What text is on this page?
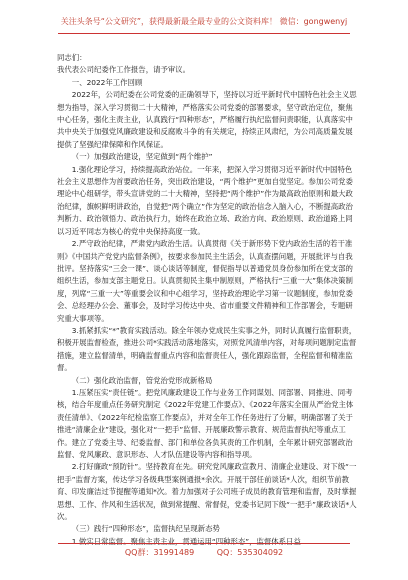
关注头条号“公文研究”，获得最新最全最专业的公文资料库！ 微信：gongwenyj

同志们：

我代表公司纪委作工作报告，请予审议。

一、2022年工作回顾

2022年，公司纪委在公司党委的正确领导下，坚持以习近平新时代中国特色社会主义思想为指导，深入学习贯彻二十大精神，严格落实公司党委的部署要求，坚守政治定位，聚焦中心任务，强化主责主业，认真践行“四种形态”，严格履行执纪监督问责职能，认真落实中共中央关于加强党风廉政建设和反腐败斗争的有关规定，持续正风肃纪，为公司高质量发展提供了坚强纪律保障和作风保证。

（一）加强政治建设，坚定做到“两个维护”

1.强化理论学习，持续提高政治站位。一年来，把深入学习贯彻习近平新时代中国特色社会主义思想作为首要政治任务，突出政治建设，“两个维护”更加自觉坚定。参加公司党委理论中心组研学，带头宣讲党的二十大精神，坚持把“两个维护”作为最高政治原则和最大政治纪律，旗帜鲜明讲政治，自觉把“两个确立”作为坚定的政治信念入脑入心，不断提高政治判断力、政治领悟力、政治执行力，始终在政治立场、政治方向、政治原则、政治道路上同以习近平同志为核心的党中央保持高度一致。

2.严守政治纪律，严肃党内政治生活。认真贯彻《关于新形势下党内政治生活的若干准则》《中国共产党党内监督条例》，按要求参加民主生活会，认真查摆问题，开展批评与自我批评。坚持落实“三会一课”、谈心谈话等制度，督促指导以普通党员身份参加所在党支部的组织生活，参加支部主题党日。认真贯彻民主集中制原则，严格执行“三重一大”集体决策制度，列席“三重一大”等重要会议和中心组学习，坚持政治理论学习第一议题制度，参加党委会、总经理办公会、董事会，及时学习传达中央、省市重要文件精神和工作部署会，专题研究重大事项等。

3.抓紧抓实“*”教育实践活动。除全年领办党成民生实事之外，同时认真履行监督职责，积极开展监督检查，推进公司*实践活动落地落实，对照党风清单内容，对每项问题制定监督措施，建立监督清单，明确监督重点内容和监督责任人，强化跟踪监督，全程监督和精准监督。

（二）强化政治监督，管党治党形成新格局

1.压紧压实“责任链”。把党风廉政建设工作与业务工作同谋划、同部署、同推进、同考核，结合年度重点任务研究制定《2022年党建工作要点》、《2022年落实全面从严治党主体责任清单》、《2022年纪检监察工作要点》，并对全年工作任务进行了分解，明确部署了关于推进“清廉企业”建设，强化对“一把手”监督、开展廉政警示教育、规范监督执纪等重点工作。建立了党委主导、纪委监督、部门和单位各负其责的工作机制，全年累计研究部署政治监督、党风廉政、意识形态、人才队伍建设等内容和指导项。

2.打好廉政“预防针”。坚持教育在先。研究党风廉政宣教月、清廉企业建设、对下级“一把手”监督方案，传达学习各级典型案例通报*余次。开展干部任前谈话*人次，组织节前教育、印发廉洁过节提醒等通知*次。着力加强对子公司班子成员的教育管理和监督，及时掌握思想、工作、作风和生活状况，做到常提醒、常督促，党委书记同下级“一把手”廉政谈话*人次。

（三）践行“四种形态”，监督执纪呈现新态势

1.做实日常监督。聚焦主责主业，贯通运用“四种形态”，监督体系日益

QQ群：31991489	QQ：535304092
